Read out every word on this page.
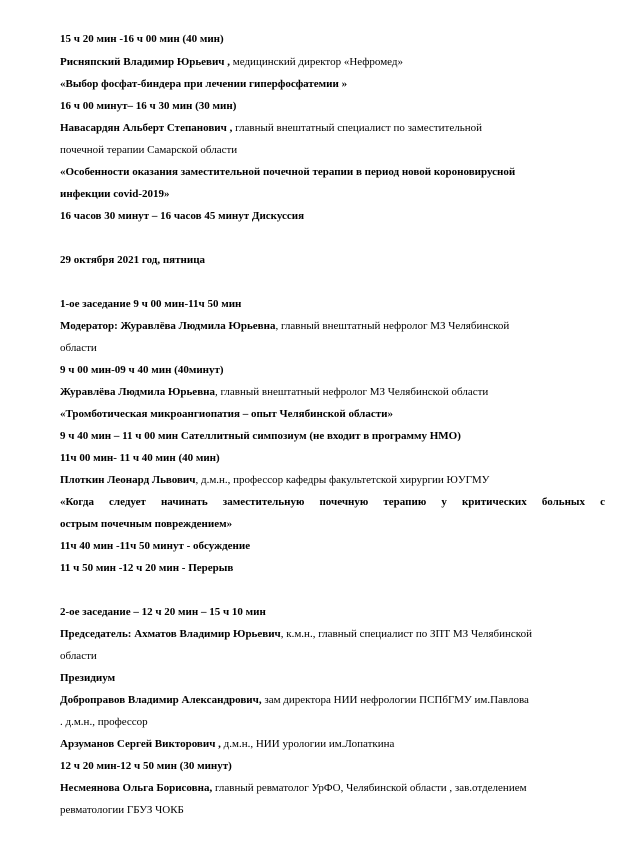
15 ч 20 мин -16 ч 00 мин (40 мин)
Рисняпский Владимир Юрьевич , медицинский директор «Нефромед»
«Выбор фосфат-биндера при лечении гиперфосфатемии »
16 ч 00 минут– 16 ч 30 мин (30 мин)
Навасардян Альберт Степанович , главный внештатный специалист по заместительной
почечной терапии Самарской области
«Особенности оказания заместительной почечной терапии в период новой короновирусной
инфекции covid-2019»
16 часов 30 минут – 16 часов 45 минут Дискуссия
29 октября 2021 год, пятница
1-ое заседание 9 ч 00 мин-11ч 50 мин
Модератор: Журавлёва Людмила Юрьевна, главный внештатный нефролог МЗ Челябинской
области
9 ч 00 мин-09 ч 40 мин (40минут)
Журавлёва Людмила Юрьевна, главный внештатный нефролог МЗ Челябинской области
«Тромботическая микроангиопатия – опыт Челябинской области»
9 ч 40 мин – 11 ч 00 мин Сателлитный симпозиум (не входит в программу НМО)
11ч 00 мин- 11 ч 40 мин (40 мин)
Плоткин Леонард Львович, д.м.н., профессор кафедры факультетской хирургии ЮУГМУ
«Когда следует начинать заместительную почечную терапию у критических больных с
острым почечным повреждением»
11ч 40 мин -11ч 50 минут - обсуждение
11 ч 50 мин -12 ч 20 мин - Перерыв
2-ое заседание – 12 ч 20 мин – 15 ч 10 мин
Председатель: Ахматов Владимир Юрьевич, к.м.н., главный специалист по ЗПТ МЗ Челябинской
области
Президиум
Доброправов Владимир Александрович, зам директора НИИ нефрологии ПСПбГМУ им.Павлова
. д.м.н., профессор
Арзуманов Сергей Викторович , д.м.н., НИИ урологии им.Лопаткина
12 ч 20 мин-12 ч 50 мин (30 минут)
Несмеянова Ольга Борисовна, главный ревматолог УрФО, Челябинской области , зав.отделением
ревматологии ГБУЗ ЧОКБ
